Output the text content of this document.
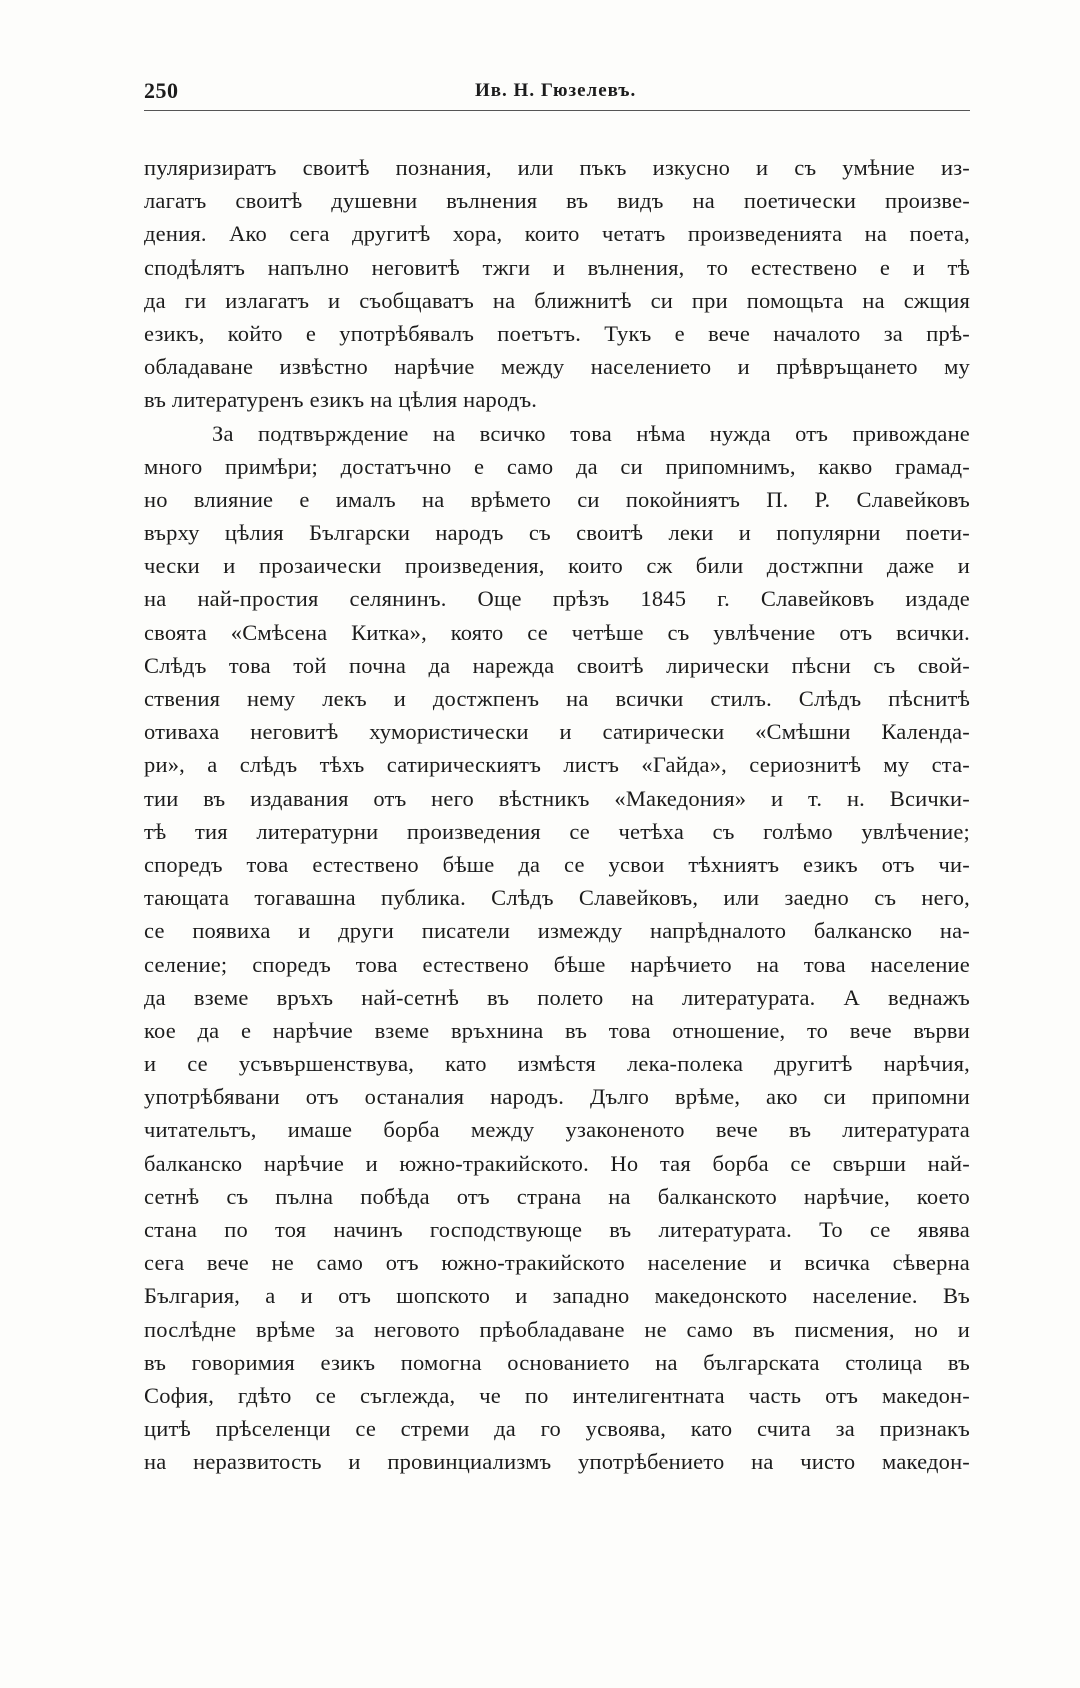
250	Ив. Н. Гюзелевъ.
пуляризиратъ своитѣ познания, или пъкъ изкусно и съ умѣние из-
лагатъ своитѣ душевни вълнения въ видъ на поетически произве-
дения. Ако сега другитѣ хора, които четатъ произведенията на поета,
сподѣлятъ напълно неговитѣ тжги и вълнения, то естествено е и тѣ
да ги излагатъ и съобщаватъ на ближнитѣ си при помощьта на сжщия
езикъ, който е употрѣбявалъ поетътъ. Тукъ е вече началото за прѣ-
обладаване извѣстно нарѣчие между населението и прѣвръщането му
въ литературенъ езикъ на цѣлия народъ.
За подтвърждение на всичко това нѣма нужда отъ привождане
много примѣри; достатъчно е само да си припомнимъ, какво грамад-
но влияние е ималъ на врѣмето си покойниятъ П. Р. Славейковъ
върху цѣлия Български народъ съ своитѣ леки и популярни поети-
чески и прозаически произведения, които сж били достжпни даже и
на най-простия селянинъ. Още прѣзъ 1845 г. Славейковъ издаде
своята «Смѣсена Китка», която се четѣше съ увлѣчение отъ всички.
Слѣдъ това той почна да нарежда своитѣ лирически пѣсни съ свой-
ствения нему лекъ и достжпенъ на всички стилъ. Слѣдъ пѣснитѣ
отиваха неговитѣ хумористически и сатирически «Смѣшни Календа-
ри», а слѣдъ тѣхъ сатирическиятъ листъ «Гайда», сериознитѣ му ста-
тии въ издавания отъ него вѣстникъ «Македония» и т. н. Всички-
тѣ тия литературни произведения се четѣха съ голѣмо увлѣчение;
споредъ това естествено бѣше да се усвои тѣхниятъ езикъ отъ чи-
тающата тогавашна публика. Слѣдъ Славейковъ, или заедно съ него,
се появиха и други писатели измежду напрѣдналото балканско на-
селение; споредъ това естествено бѣше нарѣчието на това население
да вземе връхъ най-сетнѣ въ полето на литературата. А веднажъ
кое да е нарѣчие вземе връхнина въ това отношение, то вече върви
и се усъвършенствува, като измѣстя лека-полека другитѣ нарѣчия,
употрѣбявани отъ останалия народъ. Дълго врѣме, ако си припомни
читательтъ, имаше борба между узаконеното вече въ литературата
балканско нарѣчие и южно-тракийското. Но тая борба се свърши най-
сетнѣ съ пълна побѣда отъ страна на балканското нарѣчие, което
стана по тоя начинъ господствующе въ литературата. То се явява
сега вече не само отъ южно-тракийското население и всичка сѣверна
България, а и отъ шопското и западно македонското население. Въ
послѣдне врѣме за неговото прѣобладаване не само въ писмения, но и
въ говоримия езикъ помогна основанието на българската столица въ
София, гдѣто се съглежда, че по интелигентната часть отъ македон-
цитѣ прѣселенци се стреми да го усвоява, като счита за признакъ
на неразвитость и провинциализмъ употрѣбението на чисто македон-
